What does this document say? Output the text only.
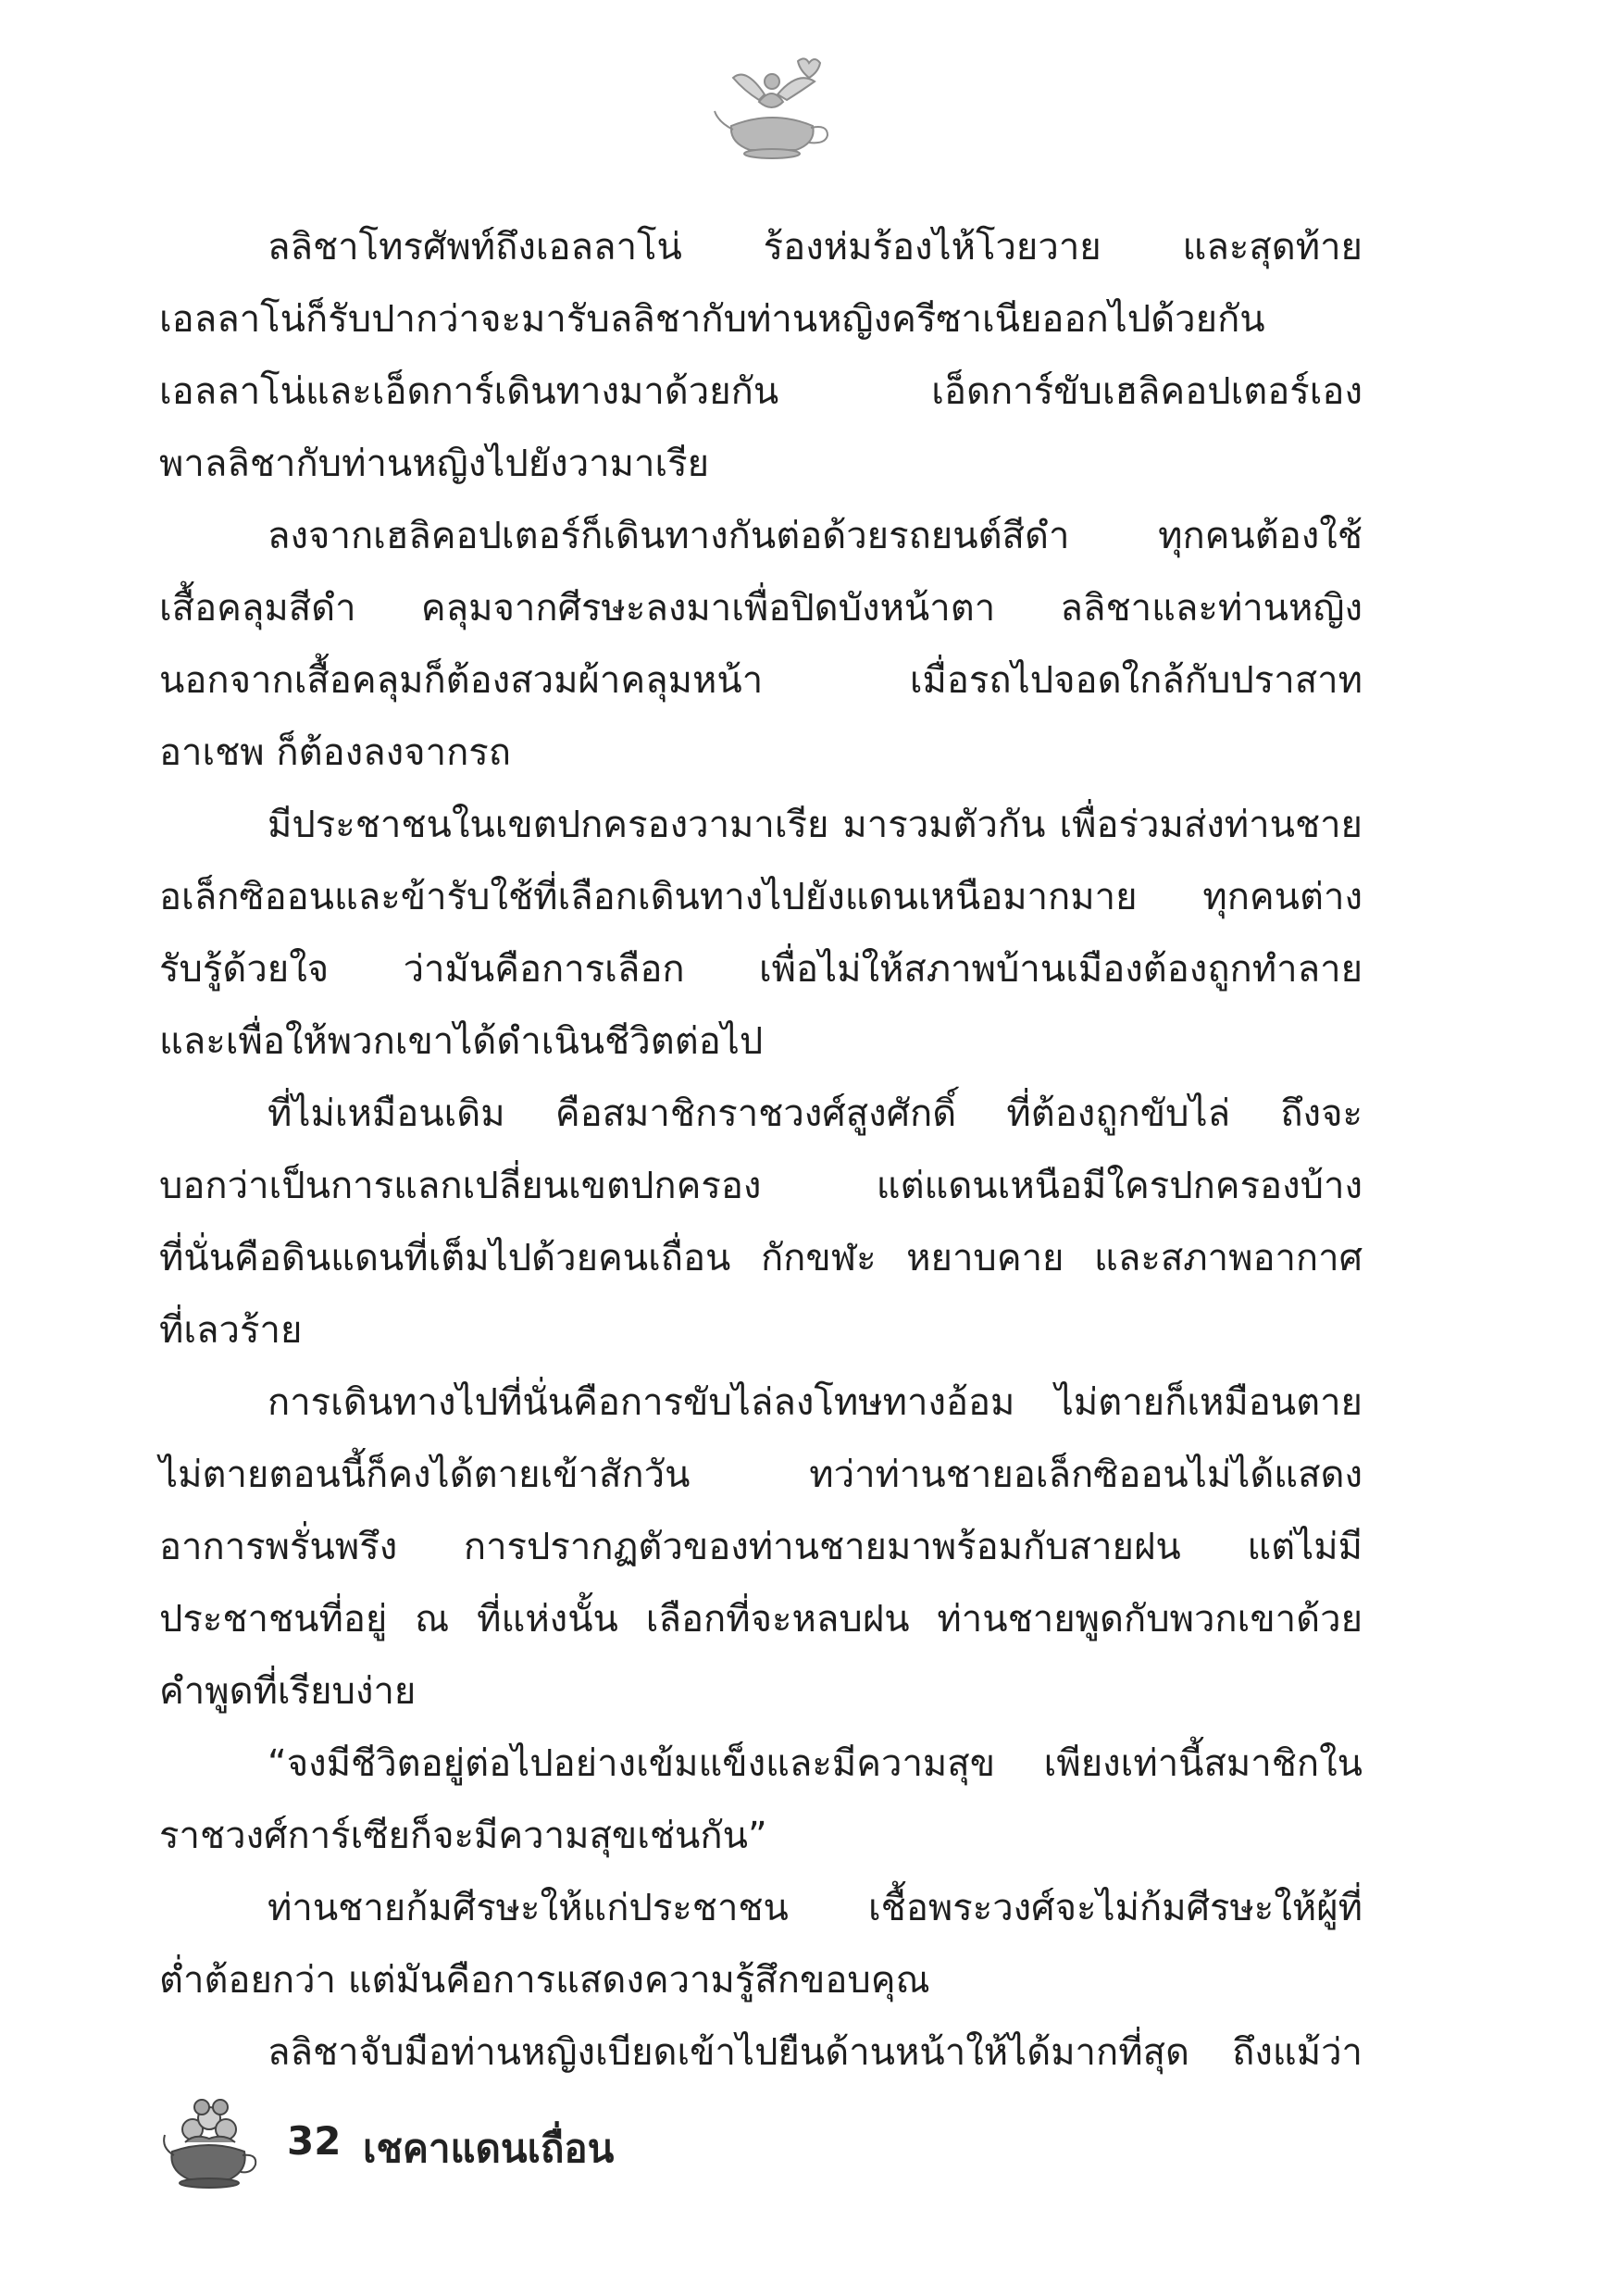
ลลิชาโทรศัพท์ถึงเอลลาโน่ ร้องห่มร้องไห้โวยวาย และสุดท้าย
เอลลาโน่ก็รับปากว่าจะมารับลลิชากับท่านหญิงครีซาเนียออกไปด้วยกัน
เอลลาโน่และเอ็ดการ์เดินทางมาด้วยกัน เอ็ดการ์ขับเฮลิคอปเตอร์เอง
พาลลิชากับท่านหญิงไปยังวามาเรีย
ลงจากเฮลิคอปเตอร์ก็เดินทางกันต่อด้วยรถยนต์สีดำ ทุกคนต้องใช้
เสื้อคลุมสีดำ คลุมจากศีรษะลงมาเพื่อปิดบังหน้าตา ลลิชาและท่านหญิง
นอกจากเสื้อคลุมก็ต้องสวมผ้าคลุมหน้า เมื่อรถไปจอดใกล้กับปราสาท
อาเชพ ก็ต้องลงจากรถ
มีประชาชนในเขตปกครองวามาเรีย มารวมตัวกัน เพื่อร่วมส่งท่านชาย
อเล็กซิออนและข้ารับใช้ที่เลือกเดินทางไปยังแดนเหนือมากมาย ทุกคนต่าง
รับรู้ด้วยใจ ว่ามันคือการเลือก เพื่อไม่ให้สภาพบ้านเมืองต้องถูกทำลาย
และเพื่อให้พวกเขาได้ดำเนินชีวิตต่อไป
ที่ไม่เหมือนเดิม คือสมาชิกราชวงศ์สูงศักดิ์ ที่ต้องถูกขับไล่ ถึงจะ
บอกว่าเป็นการแลกเปลี่ยนเขตปกครอง แต่แดนเหนือมีใครปกครองบ้าง
ที่นั่นคือดินแดนที่เต็มไปด้วยคนเถื่อน กักขฬะ หยาบคาย และสภาพอากาศ
ที่เลวร้าย
การเดินทางไปที่นั่นคือการขับไล่ลงโทษทางอ้อม ไม่ตายก็เหมือนตาย
ไม่ตายตอนนี้ก็คงได้ตายเข้าสักวัน ทว่าท่านชายอเล็กซิออนไม่ได้แสดง
อาการพรั่นพรึง การปรากฏตัวของท่านชายมาพร้อมกับสายฝน แต่ไม่มี
ประชาชนที่อยู่ ณ ที่แห่งนั้น เลือกที่จะหลบฝน ท่านชายพูดกับพวกเขาด้วย
คำพูดที่เรียบง่าย
“จงมีชีวิตอยู่ต่อไปอย่างเข้มแข็งและมีความสุข เพียงเท่านี้สมาชิกใน
ราชวงศ์การ์เซียก็จะมีความสุขเช่นกัน”
ท่านชายก้มศีรษะให้แก่ประชาชน เชื้อพระวงศ์จะไม่ก้มศีรษะให้ผู้ที่
ต่ำต้อยกว่า แต่มันคือการแสดงความรู้สึกขอบคุณ
ลลิชาจับมือท่านหญิงเบียดเข้าไปยืนด้านหน้าให้ได้มากที่สุด ถึงแม้ว่า
32 เชคาแดนเถื่อน
